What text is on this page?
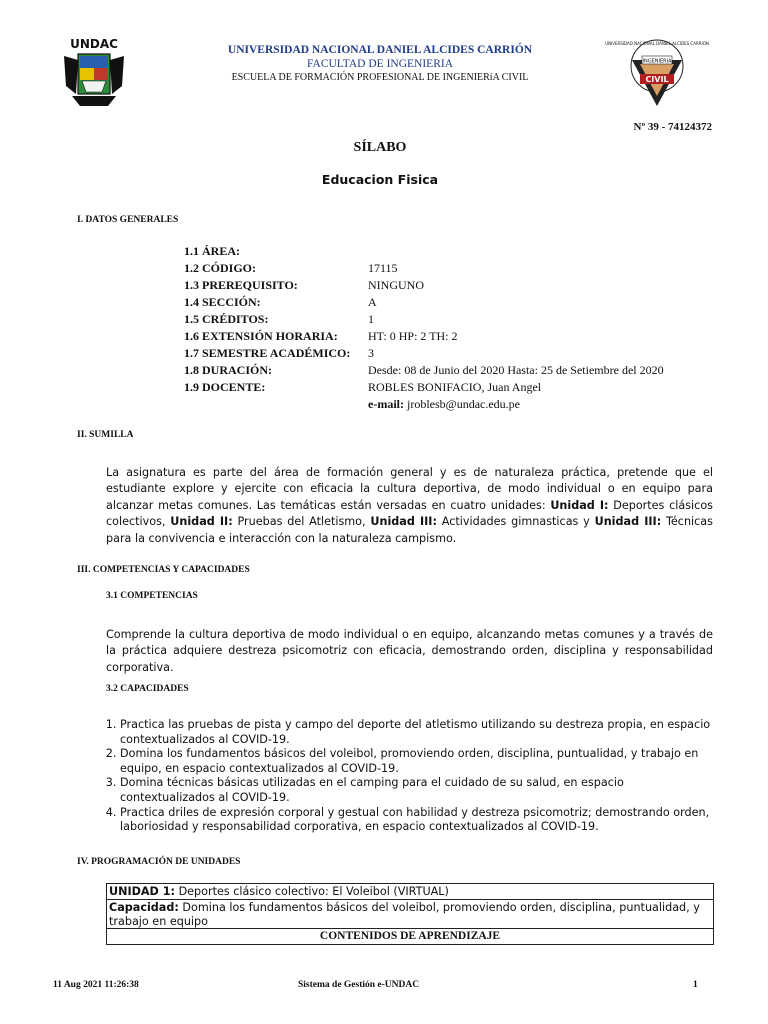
UNDAC	UNIVERSIDAD NACIONAL DANIEL ALCIDES CARRION
INGENIERIA
CIVIL
UNIVERSIDAD NACIONAL DANIEL ALCIDES CARRIÓN
FACULTAD DE INGENIERIA
ESCUELA DE FORMACIÓN PROFESIONAL DE INGENIERíA CIVIL
Nº 39 - 74124372
SÍLABO
Educacion Fisica
I. DATOS GENERALES
1.1 ÁREA:
1.2 CÓDIGO:	17115
1.3 PREREQUISITO:	NINGUNO
1.4 SECCIÓN:	A
1.5 CRÉDITOS:	1
1.6 EXTENSIÓN HORARIA:	HT: 0 HP: 2 TH: 2
1.7 SEMESTRE ACADÉMICO: 3
1.8 DURACIÓN:	Desde: 08 de Junio del 2020 Hasta: 25 de Setiembre del 2020
1.9 DOCENTE:	ROBLES BONIFACIO, Juan Angel
e-mail: jroblesb@undac.edu.pe
II. SUMILLA
La asignatura es parte del área de formación general y es de naturaleza práctica, pretende que el estudiante explore y ejercite con eficacia la cultura deportiva, de modo individual o en equipo para alcanzar metas comunes. Las temáticas están versadas en cuatro unidades: Unidad I: Deportes clásicos colectivos, Unidad II: Pruebas del Atletismo, Unidad III: Actividades gimnasticas y Unidad III: Técnicas para la convivencia e interacción con la naturaleza campismo.
III. COMPETENCIAS Y CAPACIDADES
3.1 COMPETENCIAS
Comprende la cultura deportiva de modo individual o en equipo, alcanzando metas comunes y a través de la práctica adquiere destreza psicomotriz con eficacia, demostrando orden, disciplina y responsabilidad corporativa.
3.2 CAPACIDADES
1. Practica las pruebas de pista y campo del deporte del atletismo utilizando su destreza propia, en espacio contextualizados al COVID-19.
2. Domina los fundamentos básicos del voleibol, promoviendo orden, disciplina, puntualidad, y trabajo en equipo, en espacio contextualizados al COVID-19.
3. Domina técnicas básicas utilizadas en el camping para el cuidado de su salud, en espacio contextualizados al COVID-19.
4. Practica driles de expresión corporal y gestual con habilidad y destreza psicomotriz; demostrando orden, laboriosidad y responsabilidad corporativa, en espacio contextualizados al COVID-19.
IV. PROGRAMACIÓN DE UNIDADES
UNIDAD 1: Deportes clásico colectivo: El Voleibol (VIRTUAL)
Capacidad: Domina los fundamentos básicos del voleibol, promoviendo orden, disciplina, puntualidad, y trabajo en equipo
CONTENIDOS DE APRENDIZAJE
11 Aug 2021 11:26:38	Sistema de Gestión e-UNDAC	1
